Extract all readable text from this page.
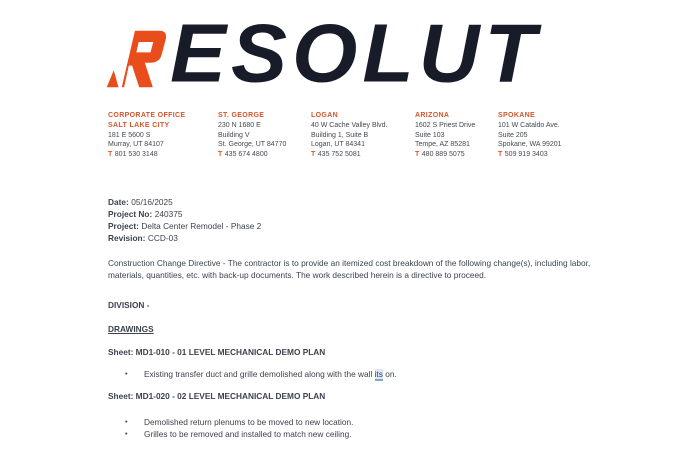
ESOLUT
CORPORATE OFFICE
SALT LAKE CITY
181 E 5600 S
Murray, UT 84107
T 801 530 3148
ST. GEORGE
230 N 1680 E
Building V
St. George, UT 84770
T 435 674 4800
LOGAN
40 W Cache Valley Blvd.
Building 1, Suite B
Logan, UT 84341
T 435 752 5081
ARIZONA
1602 S Priest Drive
Suite 103
Tempe, AZ 85281
T 480 889 5075
SPOKANE
101 W Cataldo Ave.
Suite 205
Spokane, WA 99201
T 509 919 3403
Date: 05/16/2025
Project No: 240375
Project: Delta Center Remodel - Phase 2
Revision: CCD-03
Construction Change Directive - The contractor is to provide an itemized cost breakdown of the following change(s), including labor, materials, quantities, etc. with back-up documents. The work described herein is a directive to proceed.
DIVISION -
DRAWINGS
Sheet: MD1-010 - 01 LEVEL MECHANICAL DEMO PLAN
•	Existing transfer duct and grille demolished along with the wall its on.
Sheet: MD1-020 - 02 LEVEL MECHANICAL DEMO PLAN
•	Demolished return plenums to be moved to new location.
•	Grilles to be removed and installed to match new ceiling.
